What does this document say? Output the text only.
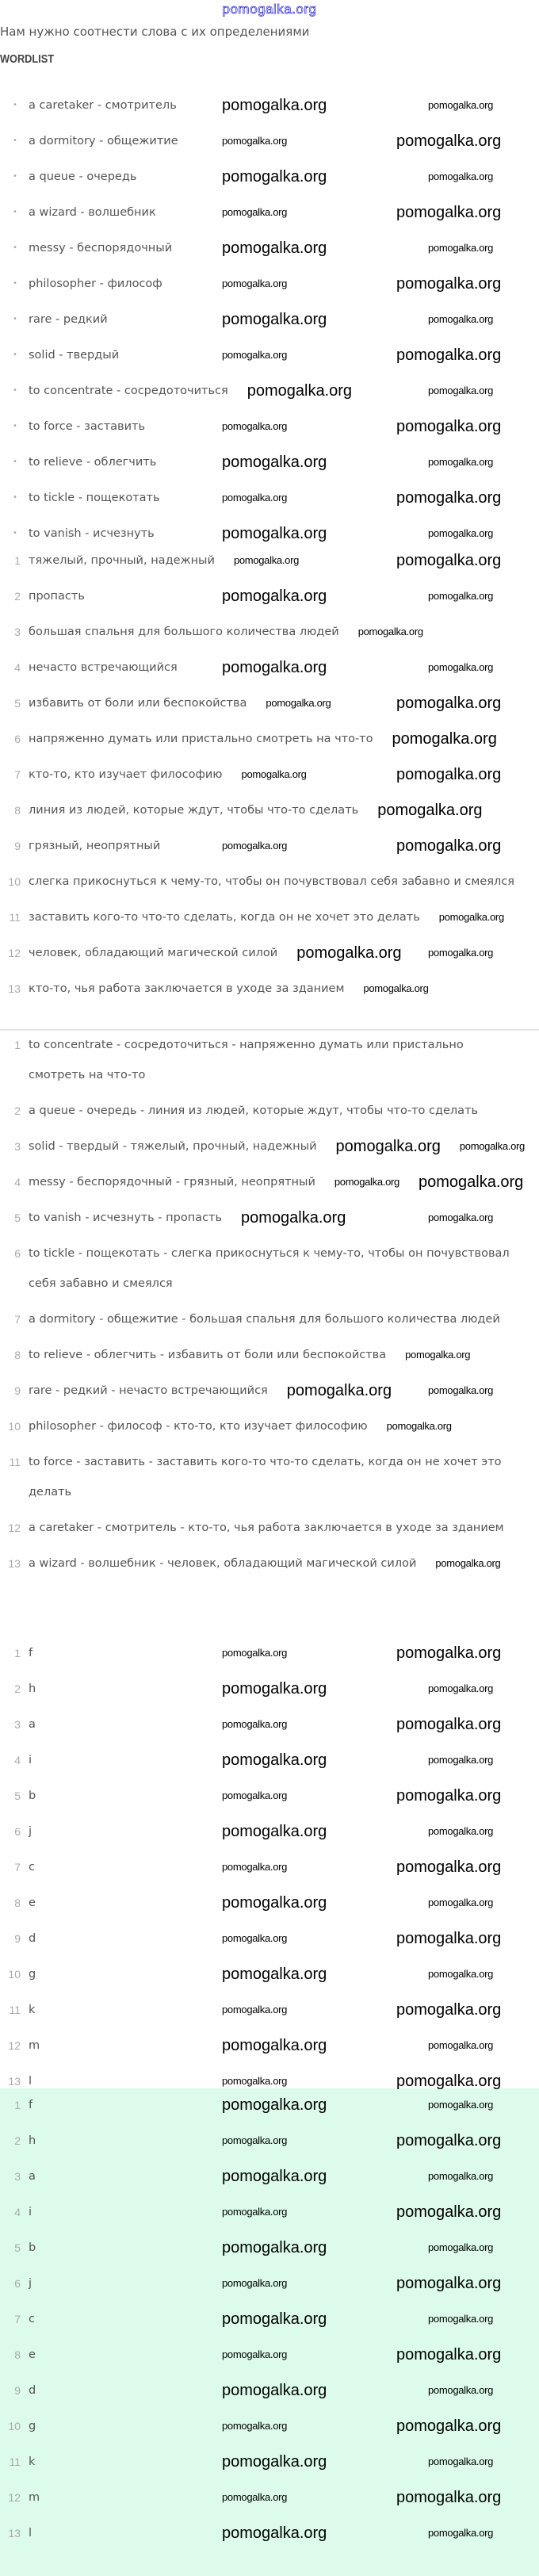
pomogalka.org
Нам нужно соотнести слова с их определениями
WORDLIST
• a caretaker - смотритель	pomogalka.org	pomogalka.org
• a dormitory - общежитие	pomogalka.org	pomogalka.org
• a queue - очередь	pomogalka.org	pomogalka.org
• a wizard - волшебник	pomogalka.org	pomogalka.org
• messy - беспорядочный	pomogalka.org	pomogalka.org
• philosopher - философ	pomogalka.org	pomogalka.org
• rare - редкий	pomogalka.org	pomogalka.org
• solid - твердый	pomogalka.org	pomogalka.org
• to concentrate - сосредоточиться	pomogalka.org	pomogalka.org
• to force - заставить	pomogalka.org	pomogalka.org
• to relieve - облегчить	pomogalka.org	pomogalka.org
• to tickle - пощекотать	pomogalka.org	pomogalka.org
• to vanish - исчезнуть	pomogalka.org	pomogalka.org
1 тяжелый, прочный, надежный	pomogalka.org	pomogalka.org
2 пропасть	pomogalka.org	pomogalka.org
3 большая спальня для большого количества людей	pomogalka.org
4 нечасто встречающийся	pomogalka.org	pomogalka.org
5 избавить от боли или беспокойства	pomogalka.org	pomogalka.org
6 напряженно думать или пристально смотреть на что-то	pomogalka.org
7 кто-то, кто изучает философию	pomogalka.org	pomogalka.org
8 линия из людей, которые ждут, чтобы что-то сделать	pomogalka.org
9 грязный, неопрятный	pomogalka.org	pomogalka.org
10 слегка прикоснуться к чему-то, чтобы он почувствовал себя забавно и смеялся
11 заставить кого-то что-то сделать, когда он не хочет это делать	pomogalka.org
12 человек, обладающий магической силой	pomogalka.org	pomogalka.org
13 кто-то, чья работа заключается в уходе за зданием	pomogalka.org
1 to concentrate - сосредоточиться - напряженно думать или пристально смотреть на что-то
2 a queue - очередь - линия из людей, которые ждут, чтобы что-то сделать
3 solid - твердый - тяжелый, прочный, надежный	pomogalka.org pomogalka.org
4 messy - беспорядочный - грязный, неопрятный	pomogalka.org pomogalka.org
5 to vanish - исчезнуть - пропасть	pomogalka.org	pomogalka.org
6 to tickle - пощекотать - слегка прикоснуться к чему-то, чтобы он почувствовал себя забавно и смеялся
7 a dormitory - общежитие - большая спальня для большого количества людей
8 to relieve - облегчить - избавить от боли или беспокойства	pomogalka.org
9 rare - редкий - нечасто встречающийся	pomogalka.org	pomogalka.org
10 philosopher - философ - кто-то, кто изучает философию	pomogalka.org
11 to force - заставить - заставить кого-то что-то сделать, когда он не хочет это делать
12 a caretaker - смотритель - кто-то, чья работа заключается в уходе за зданием
13 a wizard - волшебник - человек, обладающий магической силой	pomogalka.org
1 f	pomogalka.org	pomogalka.org
2 h	pomogalka.org	pomogalka.org
3 a	pomogalka.org	pomogalka.org
4 i	pomogalka.org	pomogalka.org
5 b	pomogalka.org	pomogalka.org
6 j	pomogalka.org	pomogalka.org
7 c	pomogalka.org	pomogalka.org
8 e	pomogalka.org	pomogalka.org
9 d	pomogalka.org	pomogalka.org
10 g	pomogalka.org	pomogalka.org
11 k	pomogalka.org	pomogalka.org
12 m	pomogalka.org	pomogalka.org
13 l	pomogalka.org	pomogalka.org
1 f	pomogalka.org	pomogalka.org
2 h	pomogalka.org	pomogalka.org
3 a	pomogalka.org	pomogalka.org
4 i	pomogalka.org	pomogalka.org
5 b	pomogalka.org	pomogalka.org
6 j	pomogalka.org	pomogalka.org
7 c	pomogalka.org	pomogalka.org
8 e	pomogalka.org	pomogalka.org
9 d	pomogalka.org	pomogalka.org
10 g	pomogalka.org	pomogalka.org
11 k	pomogalka.org	pomogalka.org
12 m	pomogalka.org	pomogalka.org
13 l	pomogalka.org	pomogalka.org
